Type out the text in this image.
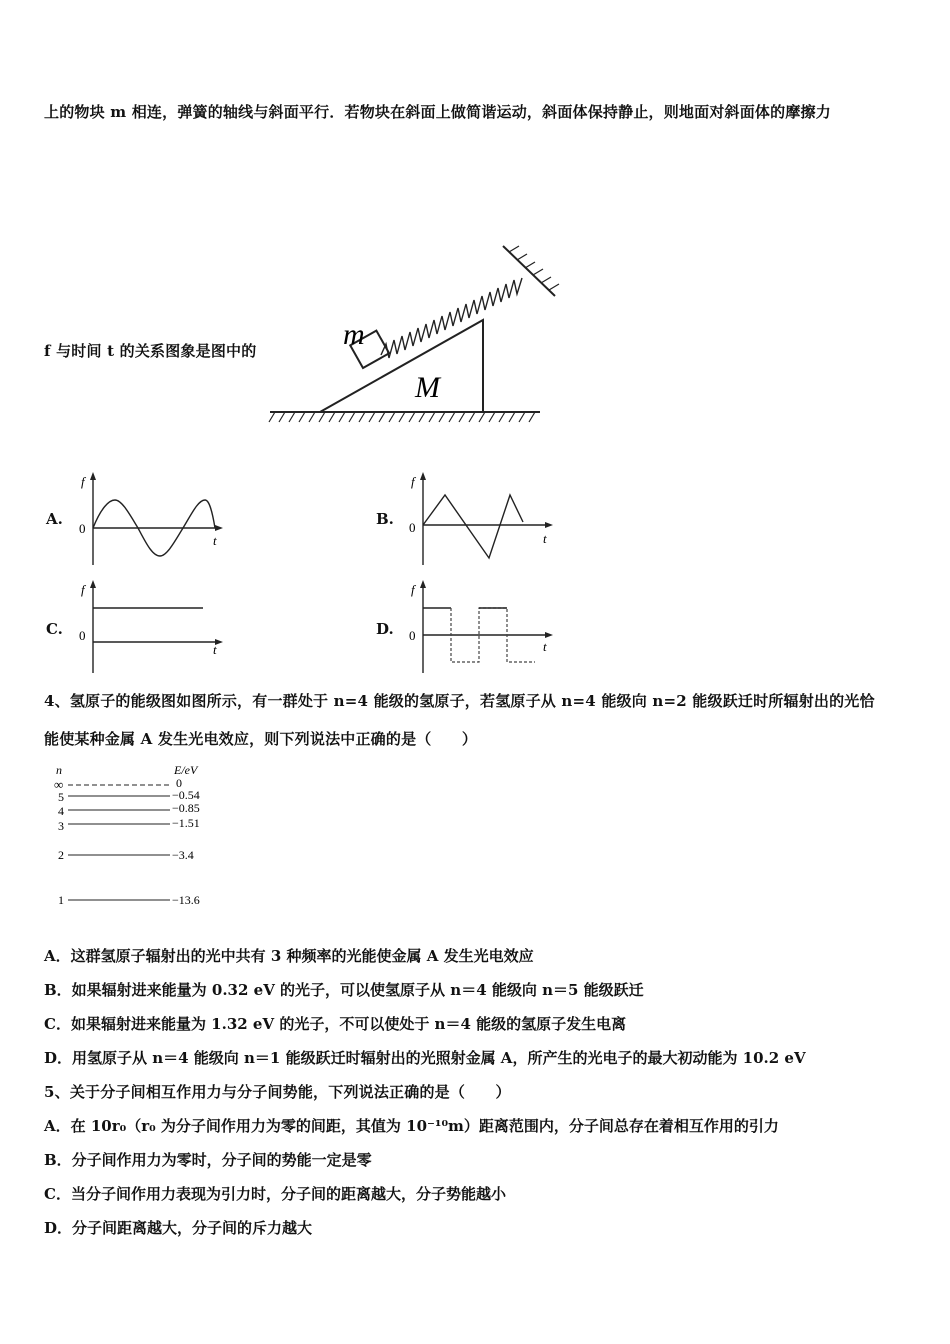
上的物块 m 相连，弹簧的轴线与斜面平行．若物块在斜面上做简谐运动，斜面体保持静止，则地面对斜面体的摩擦力
f 与时间 t 的关系图象是图中的	m
M
A.
f
0
t
B.
f
0
t
C.
f
0
t
D.
f
0
t
4、氢原子的能级图如图所示，有一群处于 n=4 能级的氢原子，若氢原子从 n=4 能级向 n=2 能级跃迁时所辐射出的光恰
能使某种金属 A 发生光电效应，则下列说法中正确的是（　　）
n	E/eV
∞	0
5	−0.54
4	−0.85
3	−1.51
2	−3.4
1	−13.6
A．这群氢原子辐射出的光中共有 3 种频率的光能使金属 A 发生光电效应
B．如果辐射进来能量为 0.32 eV 的光子，可以使氢原子从 n＝4 能级向 n＝5 能级跃迁
C．如果辐射进来能量为 1.32 eV 的光子，不可以使处于 n＝4 能级的氢原子发生电离
D．用氢原子从 n＝4 能级向 n＝1 能级跃迁时辐射出的光照射金属 A，所产生的光电子的最大初动能为 10.2 eV
5、关于分子间相互作用力与分子间势能，下列说法正确的是（　　）
A．在 10r₀（r₀ 为分子间作用力为零的间距，其值为 10⁻¹⁰m）距离范围内，分子间总存在着相互作用的引力
B．分子间作用力为零时，分子间的势能一定是零
C．当分子间作用力表现为引力时，分子间的距离越大，分子势能越小
D．分子间距离越大，分子间的斥力越大
